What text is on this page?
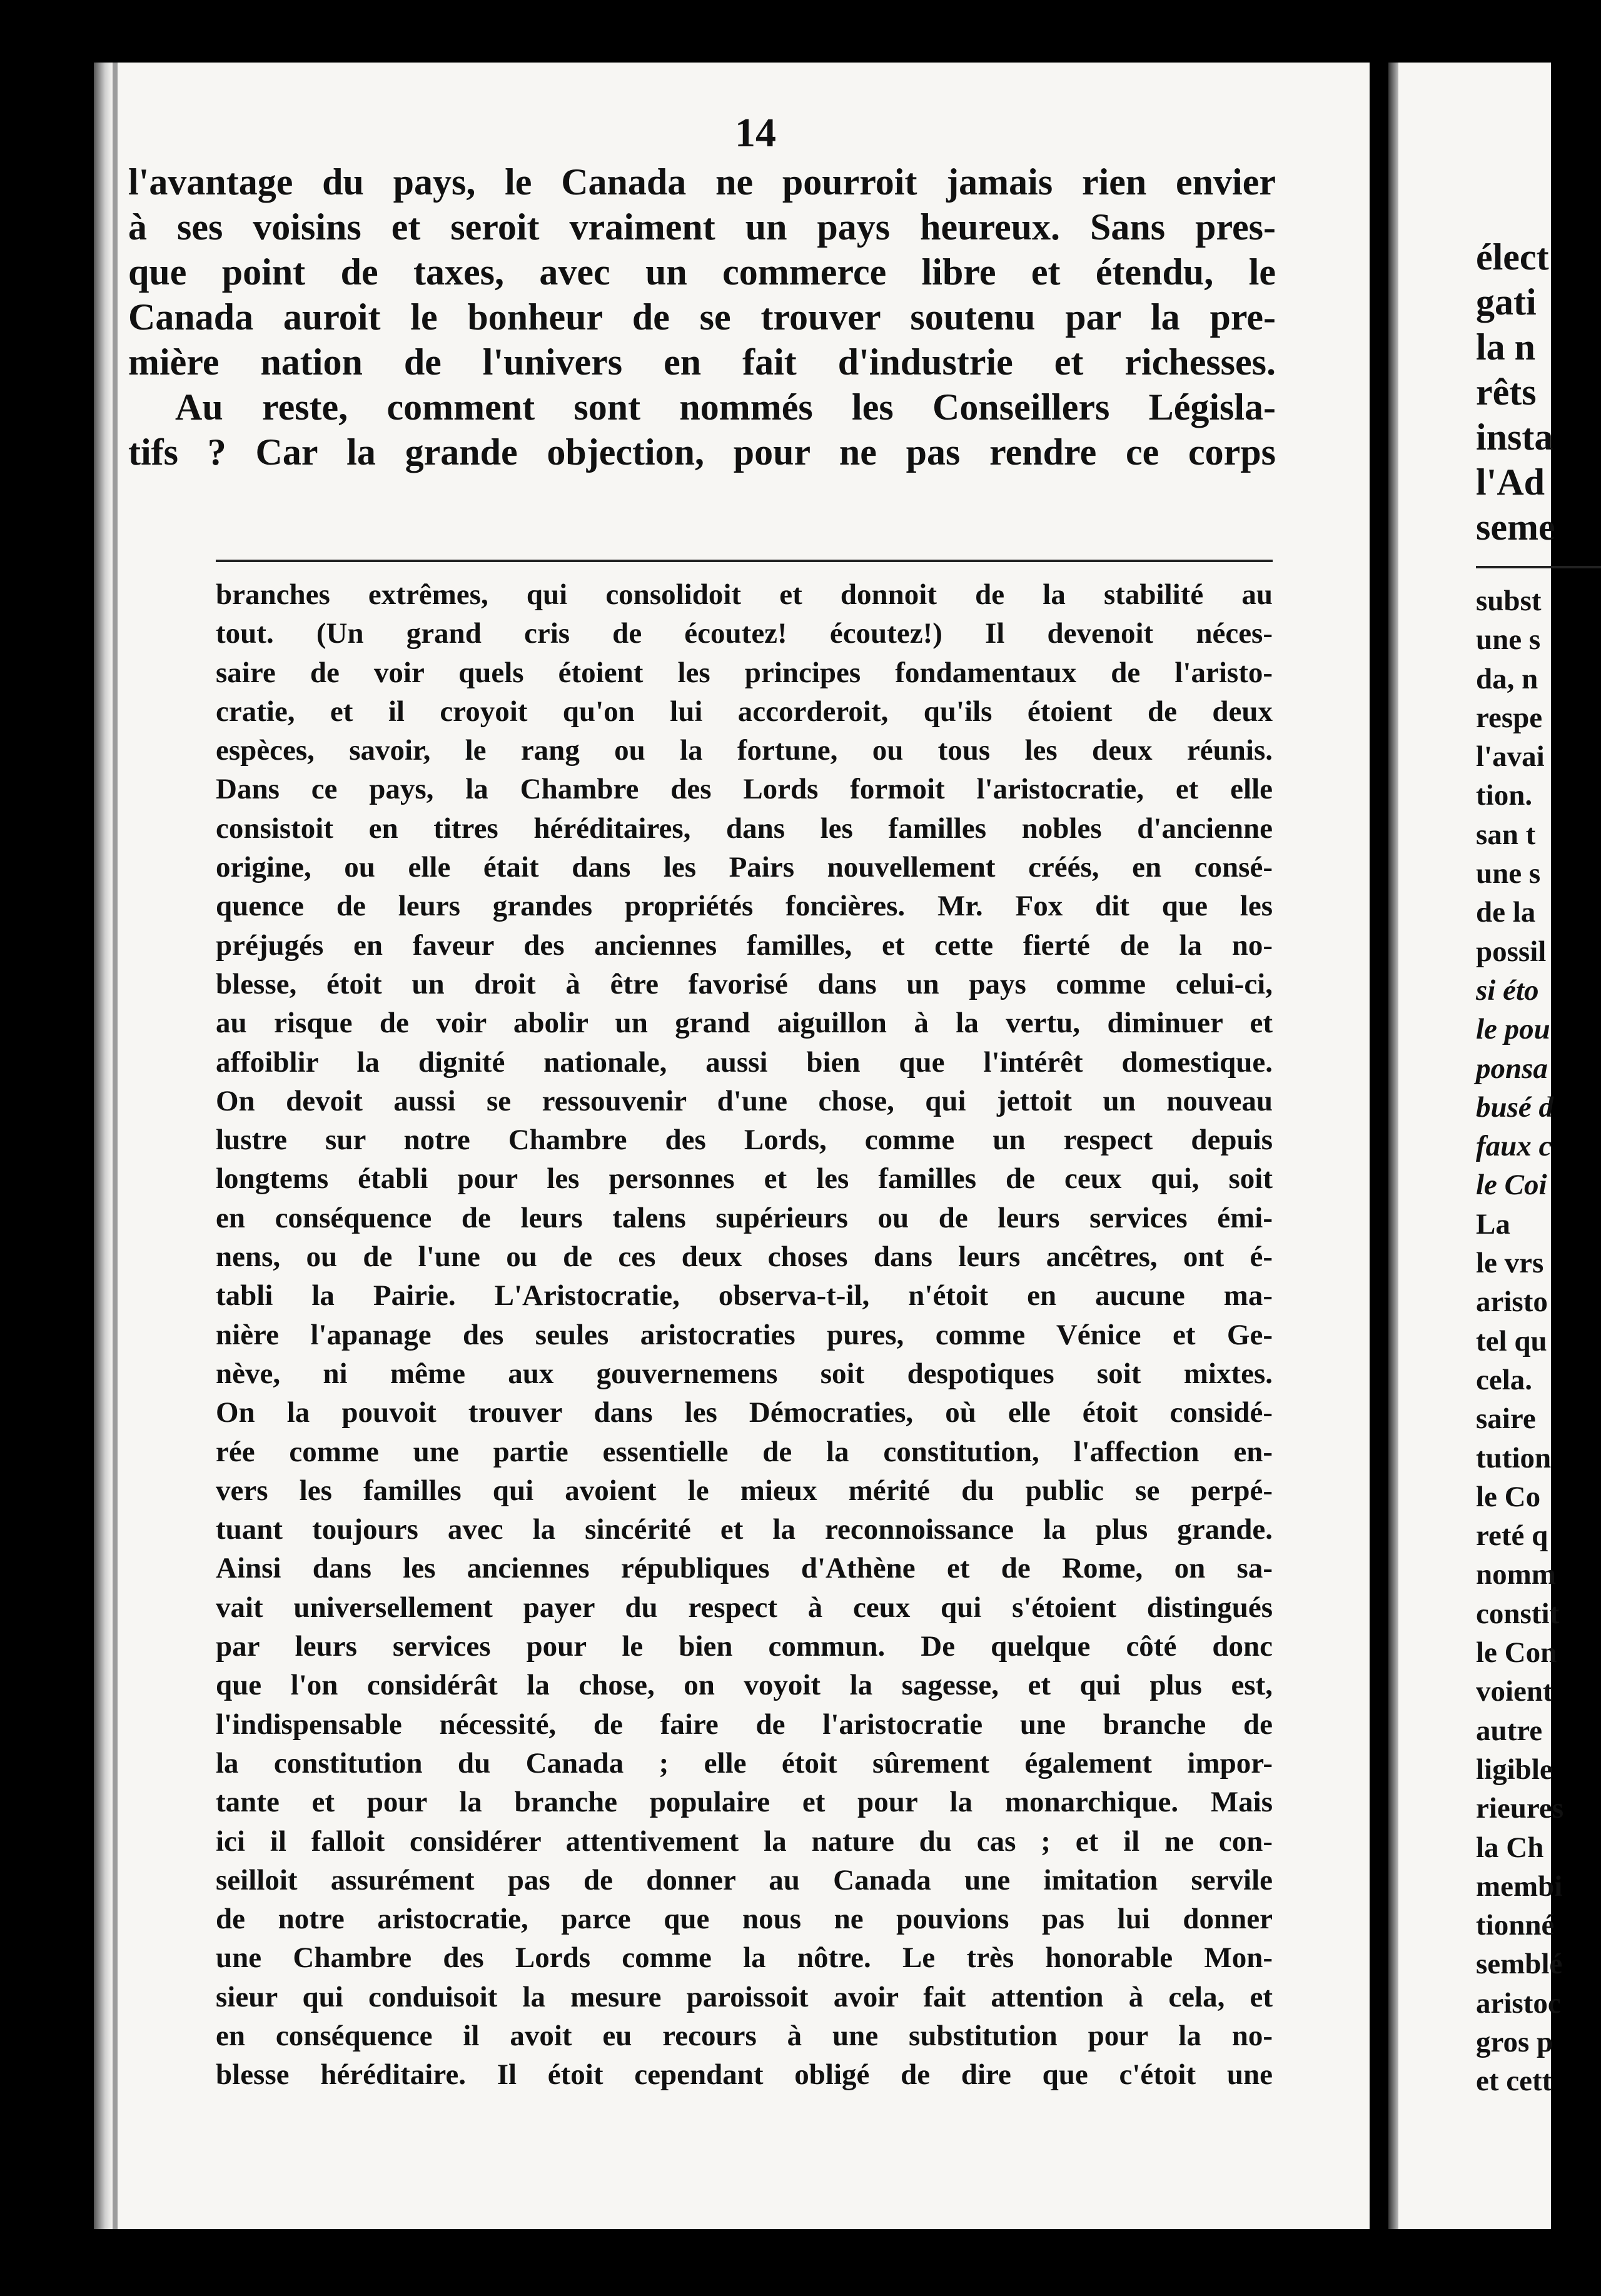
14

l'avantage du pays, le Canada ne pourroit jamais rien envier

à ses voisins et seroit vraiment un pays heureux. Sans pres-

que point de taxes, avec un commerce libre et étendu, le

Canada auroit le bonheur de se trouver soutenu par la pre-

mière nation de l'univers en fait d'industrie et richesses.

Au reste, comment sont nommés les Conseillers Législa-

tifs ? Car la grande objection, pour ne pas rendre ce corps

branches extrêmes, qui consolidoit et donnoit de la stabilité au

tout. (Un grand cris de écoutez! écoutez!) Il devenoit néces-

saire de voir quels étoient les principes fondamentaux de l'aristo-

cratie, et il croyoit qu'on lui accorderoit, qu'ils étoient de deux

espèces, savoir, le rang ou la fortune, ou tous les deux réunis.

Dans ce pays, la Chambre des Lords formoit l'aristocratie, et elle

consistoit en titres héréditaires, dans les familles nobles d'ancienne

origine, ou elle était dans les Pairs nouvellement créés, en consé-

quence de leurs grandes propriétés foncières. Mr. Fox dit que les

préjugés en faveur des anciennes familles, et cette fierté de la no-

blesse, étoit un droit à être favorisé dans un pays comme celui-ci,

au risque de voir abolir un grand aiguillon à la vertu, diminuer et

affoiblir la dignité nationale, aussi bien que l'intérêt domestique.

On devoit aussi se ressouvenir d'une chose, qui jettoit un nouveau

lustre sur notre Chambre des Lords, comme un respect depuis

longtems établi pour les personnes et les familles de ceux qui, soit

en conséquence de leurs talens supérieurs ou de leurs services émi-

nens, ou de l'une ou de ces deux choses dans leurs ancêtres, ont é-

tabli la Pairie. L'Aristocratie, observa-t-il, n'étoit en aucune ma-

nière l'apanage des seules aristocraties pures, comme Vénice et Ge-

nève, ni même aux gouvernemens soit despotiques soit mixtes.

On la pouvoit trouver dans les Démocraties, où elle étoit considé-

rée comme une partie essentielle de la constitution, l'affection en-

vers les familles qui avoient le mieux mérité du public se perpé-

tuant toujours avec la sincérité et la reconnoissance la plus grande.

Ainsi dans les anciennes républiques d'Athène et de Rome, on sa-

vait universellement payer du respect à ceux qui s'étoient distingués

par leurs services pour le bien commun. De quelque côté donc

que l'on considérât la chose, on voyoit la sagesse, et qui plus est,

l'indispensable nécessité, de faire de l'aristocratie une branche de

la constitution du Canada ; elle étoit sûrement également impor-

tante et pour la branche populaire et pour la monarchique. Mais

ici il falloit considérer attentivement la nature du cas ; et il ne con-

seilloit assurément pas de donner au Canada une imitation servile

de notre aristocratie, parce que nous ne pouvions pas lui donner

une Chambre des Lords comme la nôtre. Le très honorable Mon-

sieur qui conduisoit la mesure paroissoit avoir fait attention à cela, et

en conséquence il avoit eu recours à une substitution pour la no-

blesse héréditaire. Il étoit cependant obligé de dire que c'étoit une

élect
gati
la n
rêts
insta
l'Ad
seme
subst
une s
da, n
respe
l'avai
tion.
san t
une s
de la
possil
si éto
le pou
ponsa
busé d
faux c
le Coi
La
le vrs
aristo
tel qu
cela.
saire
tution
le Co
reté q
nomm
constit
le Con
voient
autre
ligible
rieures
la Ch
membi
tionné
semblé
aristoc
gros p
et cett
